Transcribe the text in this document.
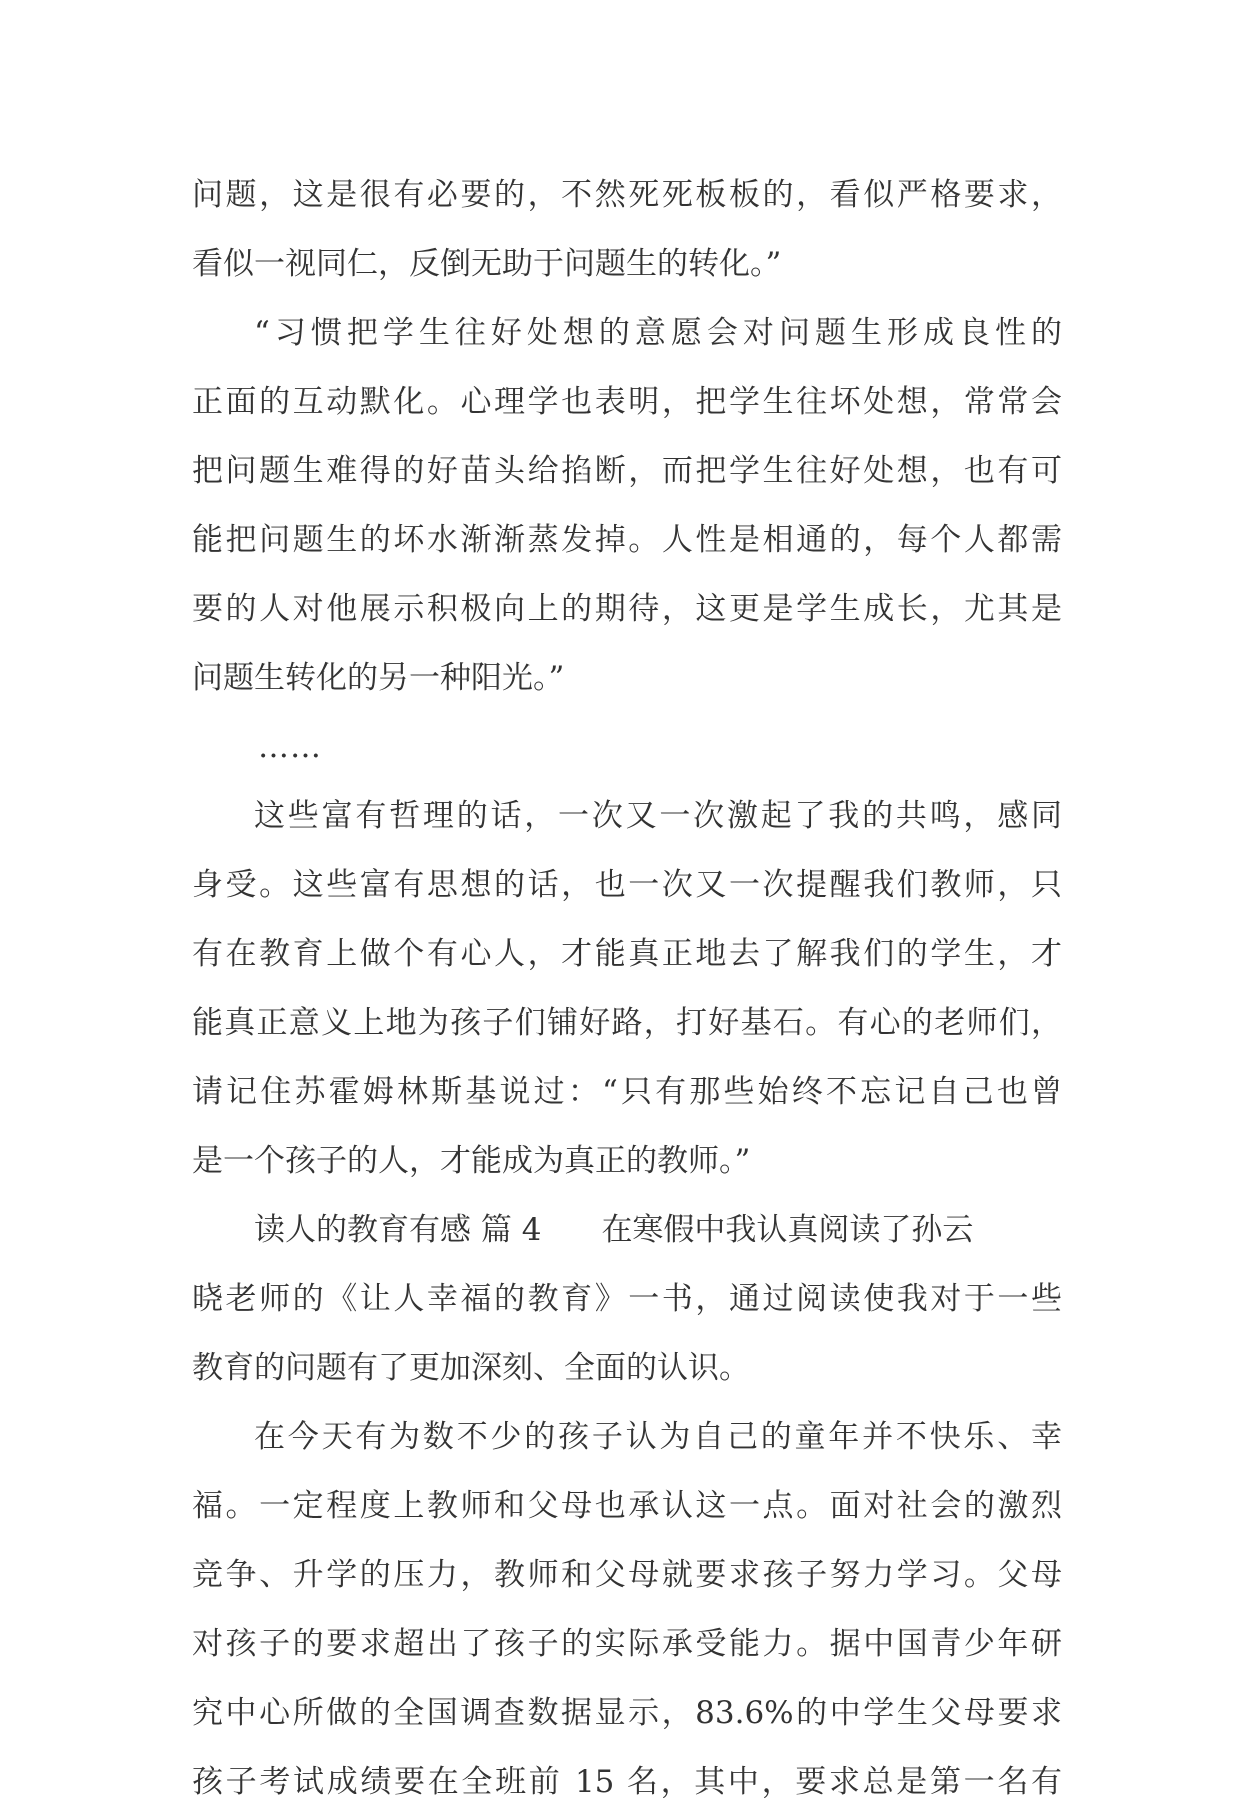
问题，这是很有必要的，不然死死板板的，看似严格要求，
看似一视同仁，反倒无助于问题生的转化。”
“习惯把学生往好处想的意愿会对问题生形成良性的
正面的互动默化。心理学也表明，把学生往坏处想，常常会
把问题生难得的好苗头给掐断，而把学生往好处想，也有可
能把问题生的坏水渐渐蒸发掉。人性是相通的，每个人都需
要的人对他展示积极向上的期待，这更是学生成长，尤其是
问题生转化的另一种阳光。”
……
这些富有哲理的话，一次又一次激起了我的共鸣，感同
身受。这些富有思想的话，也一次又一次提醒我们教师，只
有在教育上做个有心人，才能真正地去了解我们的学生，才
能真正意义上地为孩子们铺好路，打好基石。有心的老师们，
请记住苏霍姆林斯基说过：“只有那些始终不忘记自己也曾
是一个孩子的人，才能成为真正的教师。”
读人的教育有感 篇 4 在寒假中我认真阅读了孙云
晓老师的《让人幸福的教育》一书，通过阅读使我对于一些
教育的问题有了更加深刻、全面的认识。
在今天有为数不少的孩子认为自己的童年并不快乐、幸
福。一定程度上教师和父母也承认这一点。面对社会的激烈
竞争、升学的压力，教师和父母就要求孩子努力学习。父母
对孩子的要求超出了孩子的实际承受能力。据中国青少年研
究中心所做的全国调查数据显示，83.6%的中学生父母要求
孩子考试成绩要在全班前 15 名，其中，要求总是第一名有
